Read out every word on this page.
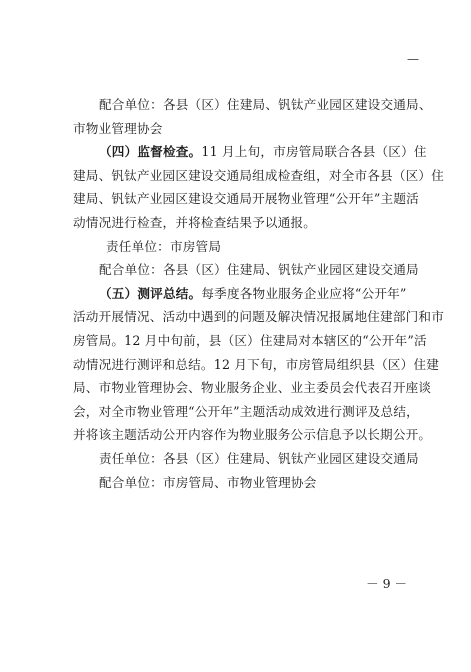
—
配合单位：各县（区）住建局、钒钛产业园区建设交通局、
市物业管理协会
（四）监督检查。11 月上旬，市房管局联合各县（区）住
建局、钒钛产业园区建设交通局组成检查组，对全市各县（区）住
建局、钒钛产业园区建设交通局开展物业管理“公开年”主题活
动情况进行检查，并将检查结果予以通报。
责任单位：市房管局
配合单位：各县（区）住建局、钒钛产业园区建设交通局
（五）测评总结。每季度各物业服务企业应将“公开年”
活动开展情况、活动中遇到的问题及解决情况报属地住建部门和市
房管局。12 月中旬前，县（区）住建局对本辖区的“公开年”活
动情况进行测评和总结。12 月下旬，市房管局组织县（区）住建
局、市物业管理协会、物业服务企业、业主委员会代表召开座谈
会，对全市物业管理“公开年”主题活动成效进行测评及总结，
并将该主题活动公开内容作为物业服务公示信息予以长期公开。
责任单位：各县（区）住建局、钒钛产业园区建设交通局
配合单位：市房管局、市物业管理协会
－ 9 －
